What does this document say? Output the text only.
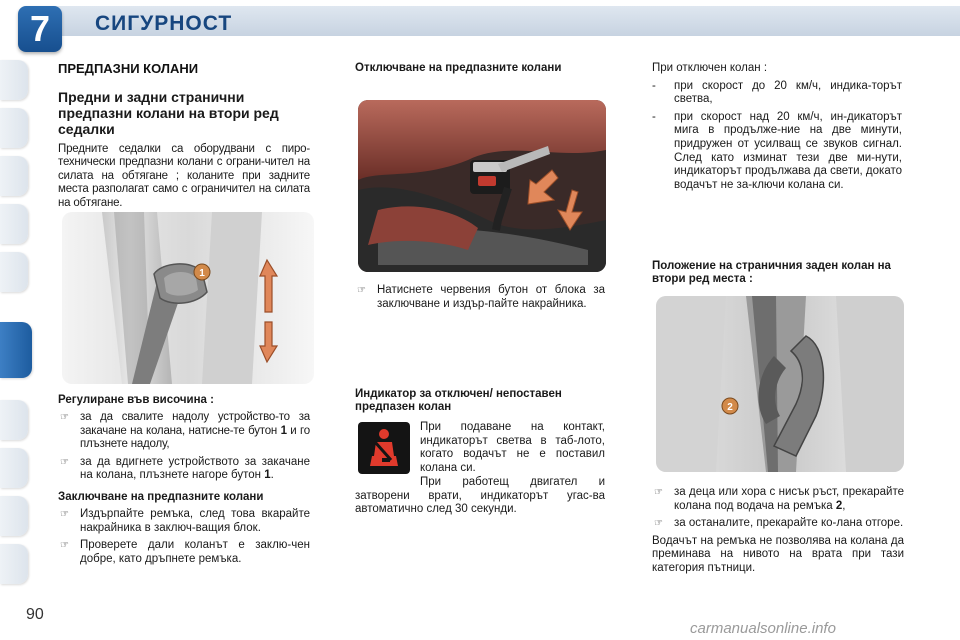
7	СИГУРНОСТ
90

ПРЕДПАЗНИ КОЛАНИ

Предни и задни странични предпазни колани на втори ред седалки

Предните седалки са оборудвани с пиро-технически предпазни колани с ограни-чител на силата на обтягане ; коланите при задните места разполагат само с ограничител на силата на обтягане.

1

Регулиране във височина :

☞ за да свалите надолу устройство-то за закачане на колана, натисне-те бутон 1 и го плъзнете надолу,

☞ за да вдигнете устройството за закачане на колана, плъзнете нагоре бутон 1.

Заключване на предпазните колани

☞ Издърпайте ремъка, след това вкарайте накрайника в заключ-ващия блок.

☞ Проверете дали коланът е заклю-чен добре, като дръпнете ремъка.

Отключване на предпазните колани

☞ Натиснете червения бутон от блока за заключване и издър-пайте накрайника.

Индикатор за отключен/ непоставен предпазен колан

При подаване на контакт, индикаторът светва в таб-лото, когато водачът не е поставил колана си.

При работещ двигател и затворени врати, индикаторът угас-ва автоматично след 30 секунди.

При отключен колан :

- при скорост до 20 км/ч, индика-торът светва,

- при скорост над 20 км/ч, ин-дикаторът мига в продълже-ние на две минути, придружен от усилващ се звуков сигнал. След като изминат тези две ми-нути, индикаторът продължава да свети, докато водачът не за-ключи колана си.

Положение на страничния заден колан на втори ред места :

2

☞ за деца или хора с нисък ръст, прекарайте колана под водача на ремъка 2,

☞ за останалите, прекарайте ко-лана отгоре.

Водачът на ремъка не позволява на колана да преминава на нивото на врата при тази категория пътници.

carmanualsonline.info
